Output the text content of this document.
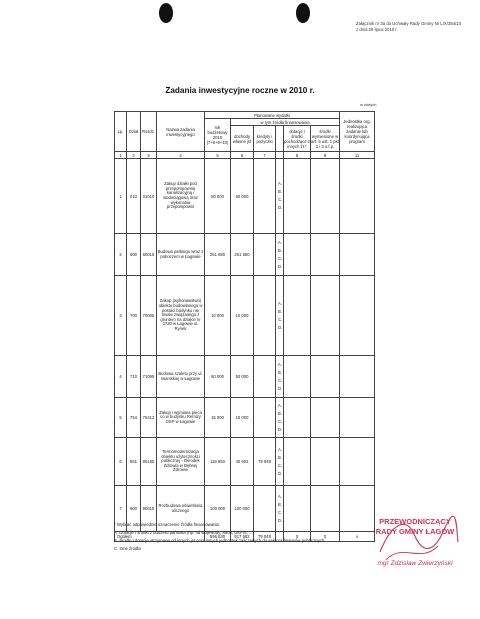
Załącznik nr 3a do Uchwały Rady Gminy Nr LIX/354/10
z dnia 28 lipca 2010 r.
Zadania inwestycyjne roczne w 2010 r.
w złotych
Lp.	Dział	Rozdz.	Nazwa zadania inwestycyjnego	Planowane wydatki						Jednostka org. realizująca zadanie lub koordynująca program
				rok budżetowy 2010 (7+8+9+10)	w tym źródła finansowania					
					dochody własne jst	kredyty i pożyczki		dotacje i środki pochodzące z innych źr.*	środki wymienione w art. 5 ust. 1 pkt 2 i 3 u.f.p.	
1	2	3	4	5	6	7		8	9	11
1	010	01010	Zakup działki pod przepompownię kanalizacyjną i wodociągową oraz wykonanie przepompowni	50 000	50 000		A.
B.
C.
D.			

2	600	60016	Budowa parkingu wraz z poboczem w Łagowie	251 680	251 680		A.
B.
C.
D.			

3	700	70005	Zakup (wykonawstwo) obiektu budowlanego w postaci budynku nie trwale związanego z gruntem na działce nr 2720 w Łagowie ul. Rynek	10 000	10 000		A.
B.
C.
D.			

4	710	71095	Budowa szaletu przy ul. Iwaniskiej w Łagowie	50 000	50 000		A.
B.
C.
D.			

5	754	75412	Zakup i wymiana pieca co w budynku Remizy OSP w Łagowie	15 000	15 000		A.
B.
C.
D.			

6	851	85195	Termomodernizacja obiektu użyteczności publicznej - Ośrodek Zdrowia w Dębnej Zdrowie	119 950	40 902	79 048	A.
B.
C.
D.			

7	900	90015	Rozbudowa oświetlenia ulicznego	100 000	100 000		A.
B.
C.
D.			

Ogółem				596 630	517 582	79 048		0	0	x
* Wybrać odpowiednie oznaczenie źródła finansowania:
A. Dotacje i środki z budżetu państwa (np. od wojewody, MEN, UKFiS, ...)
B. Środki i dotacje otrzymane od innych jst oraz innych jednostek zaliczanych do sektora finansów publicznych
C. Inne źródła
PRZEWODNICZĄCY
RADY GMINY ŁAGÓW
mgr Zdzisław Zwierzyński
